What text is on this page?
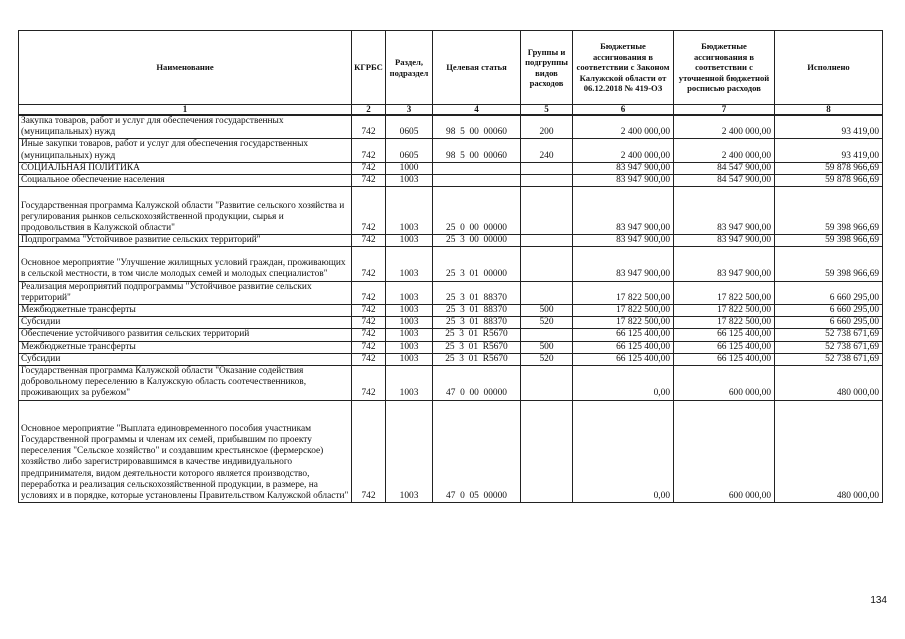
Наименование	КГРБС	Раздел, подраздел	Целевая статья	Группы и подгруппы видов расходов	Бюджетные ассигнования в соответствии с Законом Калужской области от 06.12.2018 № 419-ОЗ	Бюджетные ассигнования в соответствии с уточненной бюджетной росписью расходов	Исполнено
1	2	3	4	5	6	7	8
Закупка товаров, работ и услуг для обеспечения государственных (муниципальных) нужд	742	0605	98  5  00  00060	200	2 400 000,00	2 400 000,00	93 419,00
Иные закупки товаров, работ и услуг для обеспечения государственных (муниципальных) нужд	742	0605	98  5  00  00060	240	2 400 000,00	2 400 000,00	93 419,00
СОЦИАЛЬНАЯ ПОЛИТИКА	742	1000			83 947 900,00	84 547 900,00	59 878 966,69
Социальное обеспечение населения	742	1003			83 947 900,00	84 547 900,00	59 878 966,69
Государственная программа Калужской области "Развитие сельского хозяйства и регулирования рынков сельскохозяйственной продукции, сырья и продовольствия в Калужской области"	742	1003	25  0  00  00000		83 947 900,00	83 947 900,00	59 398 966,69
Подпрограмма "Устойчивое развитие сельских территорий"	742	1003	25  3  00  00000		83 947 900,00	83 947 900,00	59 398 966,69
Основное мероприятие "Улучшение жилищных условий граждан, проживающих в сельской местности, в том числе молодых семей и молодых специалистов"	742	1003	25  3  01  00000		83 947 900,00	83 947 900,00	59 398 966,69
Реализация мероприятий подпрограммы "Устойчивое развитие сельских территорий"	742	1003	25  3  01  88370		17 822 500,00	17 822 500,00	6 660 295,00
Межбюджетные трансферты	742	1003	25  3  01  88370	500	17 822 500,00	17 822 500,00	6 660 295,00
Субсидии	742	1003	25  3  01  88370	520	17 822 500,00	17 822 500,00	6 660 295,00
Обеспечение устойчивого развития сельских территорий	742	1003	25  3  01  R5670		66 125 400,00	66 125 400,00	52 738 671,69
Межбюджетные трансферты	742	1003	25  3  01  R5670	500	66 125 400,00	66 125 400,00	52 738 671,69
Субсидии	742	1003	25  3  01  R5670	520	66 125 400,00	66 125 400,00	52 738 671,69
Государственная программа Калужской области "Оказание содействия добровольному переселению в Калужскую область соотечественников, проживающих за рубежом"	742	1003	47  0  00  00000		0,00	600 000,00	480 000,00
Основное мероприятие "Выплата единовременного пособия участникам Государственной программы и членам их семей, прибывшим по проекту переселения "Сельское хозяйство" и создавшим крестьянское (фермерское) хозяйство либо зарегистрировавшимся в качестве индивидуального предпринимателя, видом деятельности которого является производство, переработка и реализация сельскохозяйственной продукции, в размере, на условиях и в порядке, которые установлены Правительством Калужской области"	742	1003	47  0  05  00000		0,00	600 000,00	480 000,00
134
